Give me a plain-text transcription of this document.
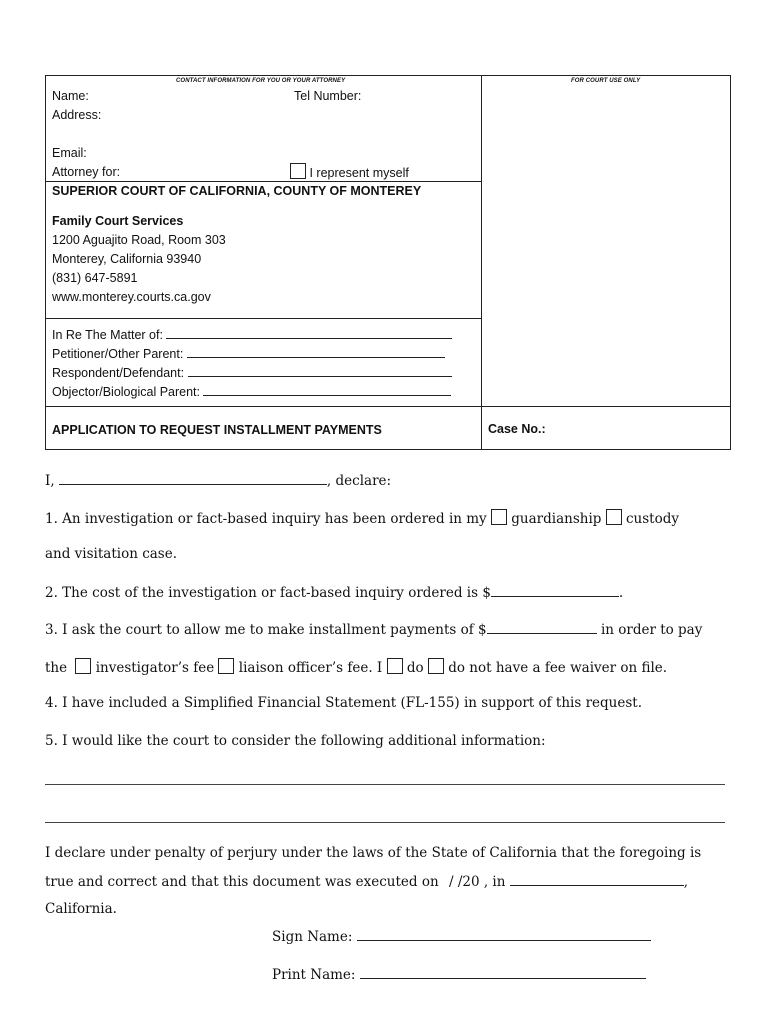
CONTACT INFORMATION FOR YOU OR YOUR ATTORNEY	FOR COURT USE ONLY
Name:	Tel Number:
Address:
Email:
Attorney for:	I represent myself
SUPERIOR COURT OF CALIFORNIA, COUNTY OF MONTEREY
Family Court Services
1200 Aguajito Road, Room 303
Monterey, California 93940
(831) 647-5891
www.monterey.courts.ca.gov
In Re The Matter of:
Petitioner/Other Parent:
Respondent/Defendant:
Objector/Biological Parent:
APPLICATION TO REQUEST INSTALLMENT PAYMENTS	Case No.:
I,	, declare:
1. An investigation or fact-based inquiry has been ordered in my guardianship custody
and visitation case.
2. The cost of the investigation or fact-based inquiry ordered is $	.
3. I ask the court to allow me to make installment payments of $	in order to pay
the investigator’s fee liaison officer’s fee. I do do not have a fee waiver on file.
4. I have included a Simplified Financial Statement (FL-155) in support of this request.
5. I would like the court to consider the following additional information:
I declare under penalty of perjury under the laws of the State of California that the foregoing is
true and correct and that this document was executed on / /20 , in	,
California.
Sign Name:
Print Name:
